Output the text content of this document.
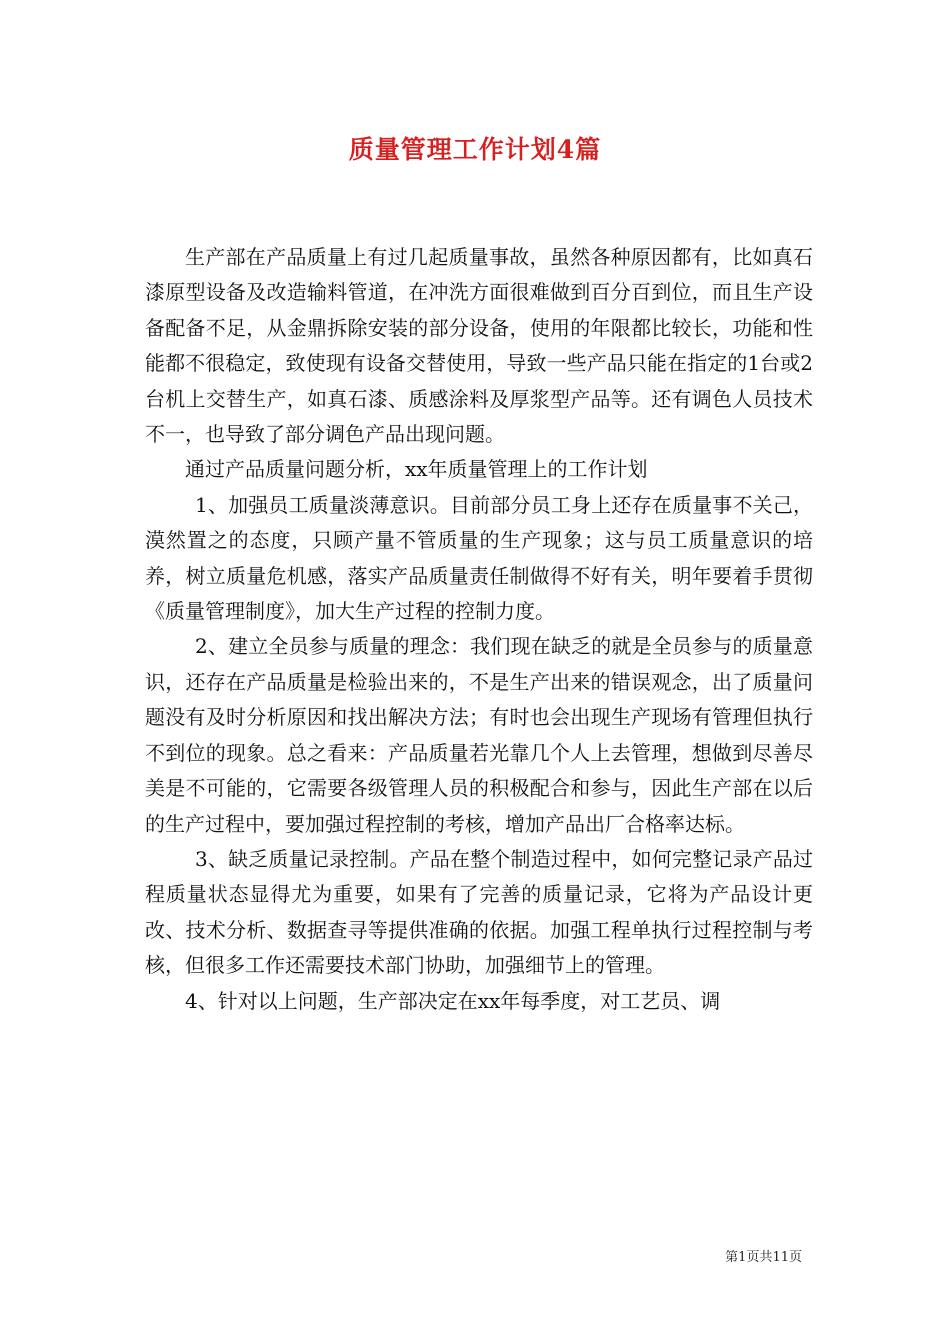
质量管理工作计划4篇

生产部在产品质量上有过几起质量事故，虽然各种原因都有，比如真石漆原型设备及改造输料管道，在冲洗方面很难做到百分百到位，而且生产设备配备不足，从金鼎拆除安装的部分设备，使用的年限都比较长，功能和性能都不很稳定，致使现有设备交替使用，导致一些产品只能在指定的1台或2台机上交替生产，如真石漆、质感涂料及厚浆型产品等。还有调色人员技术不一，也导致了部分调色产品出现问题。

通过产品质量问题分析，xx年质量管理上的工作计划

1、加强员工质量淡薄意识。目前部分员工身上还存在质量事不关己，漠然置之的态度，只顾产量不管质量的生产现象；这与员工质量意识的培养，树立质量危机感，落实产品质量责任制做得不好有关，明年要着手贯彻《质量管理制度》，加大生产过程的控制力度。

2、建立全员参与质量的理念：我们现在缺乏的就是全员参与的质量意识，还存在产品质量是检验出来的，不是生产出来的错误观念，出了质量问题没有及时分析原因和找出解决方法；有时也会出现生产现场有管理但执行不到位的现象。总之看来：产品质量若光靠几个人上去管理，想做到尽善尽美是不可能的，它需要各级管理人员的积极配合和参与，因此生产部在以后的生产过程中，要加强过程控制的考核，增加产品出厂合格率达标。

3、缺乏质量记录控制。产品在整个制造过程中，如何完整记录产品过程质量状态显得尤为重要，如果有了完善的质量记录，它将为产品设计更改、技术分析、数据查寻等提供准确的依据。加强工程单执行过程控制与考核，但很多工作还需要技术部门协助，加强细节上的管理。

4、针对以上问题，生产部决定在xx年每季度，对工艺员、调

第1页共11页
